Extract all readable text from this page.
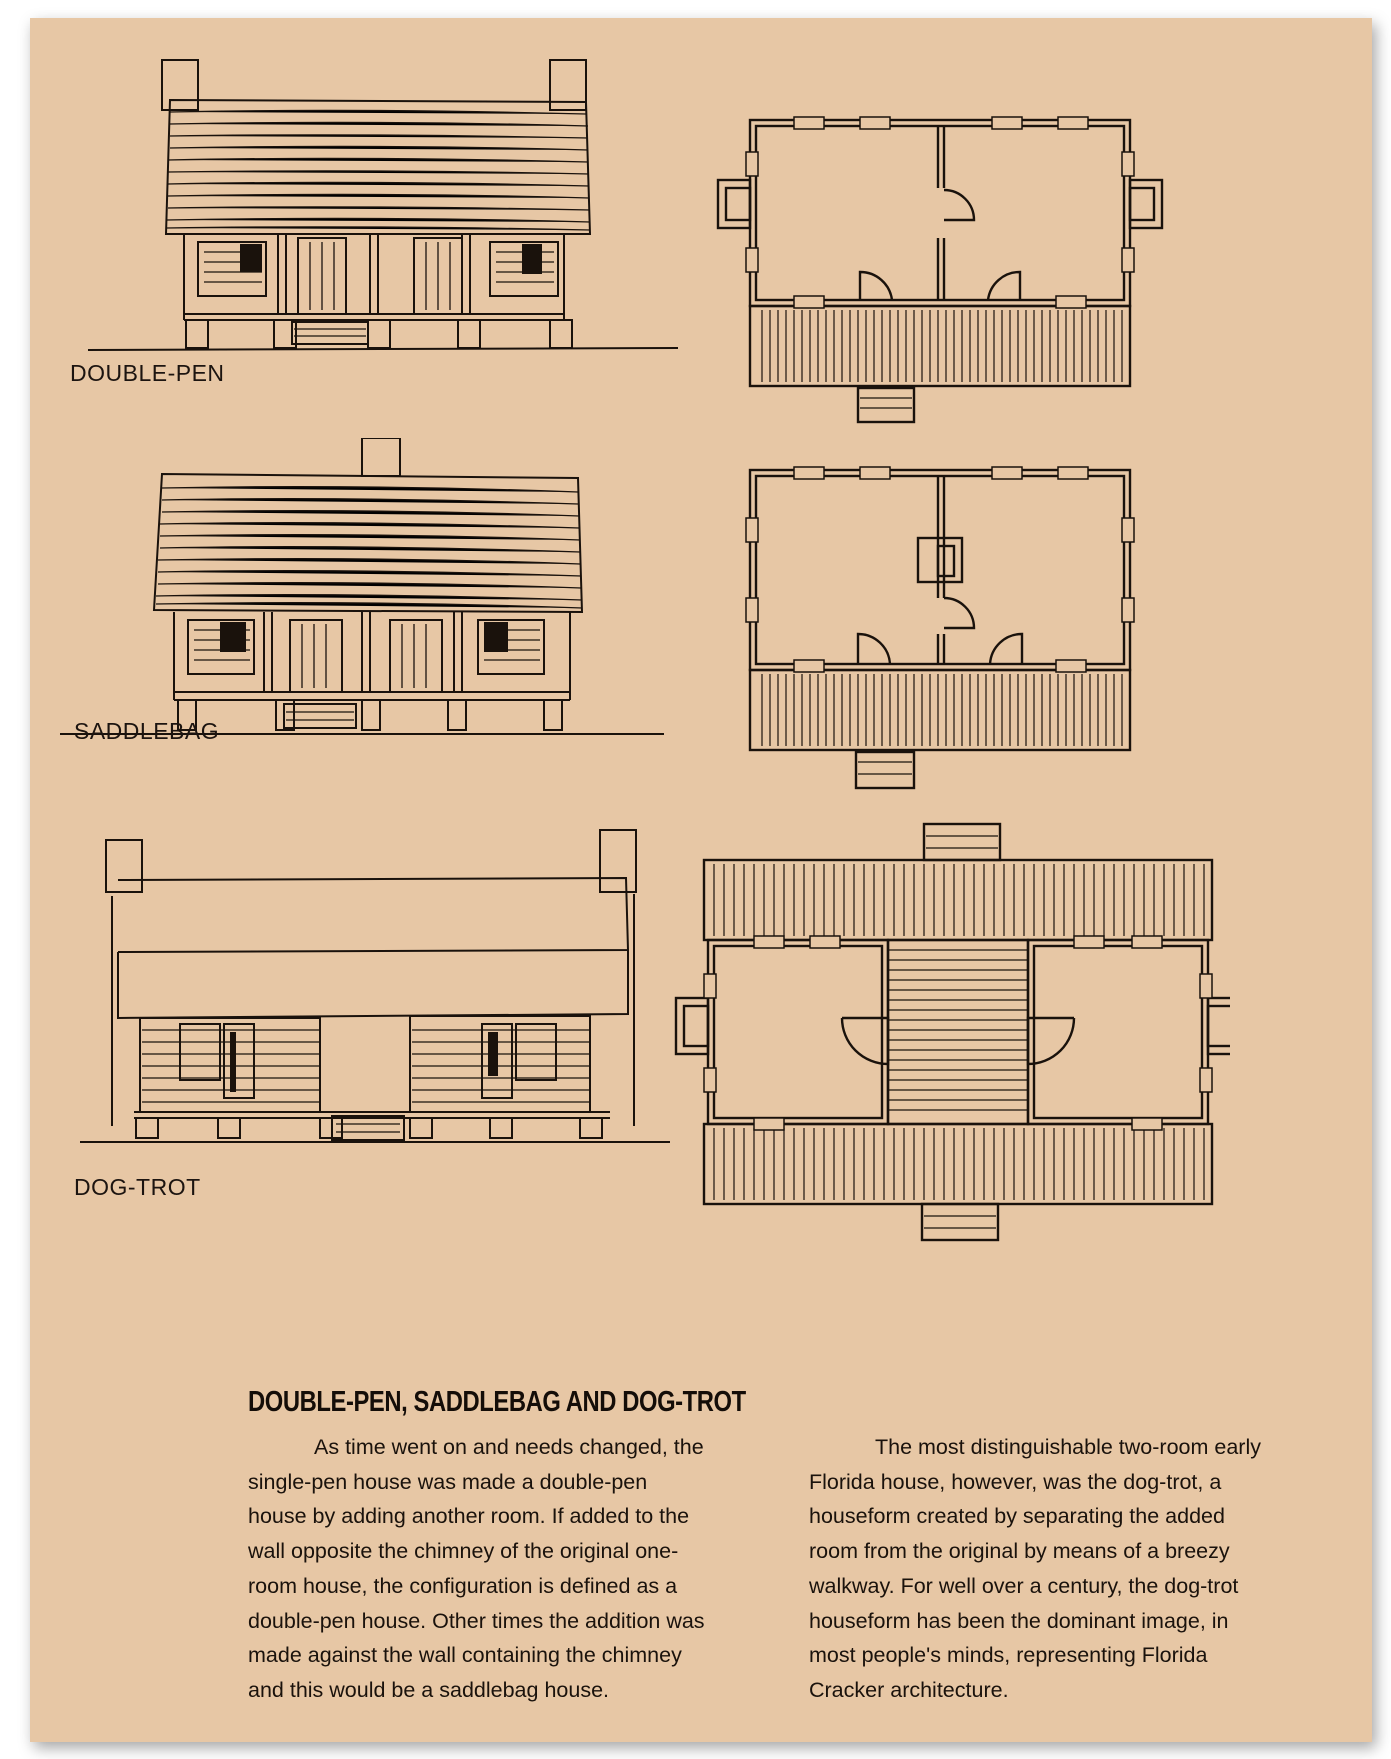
DOUBLE-PEN
SADDLEBAG
DOG-TROT
DOUBLE-PEN, SADDLEBAG AND DOG-TROT
As time went on and needs changed, the
single-pen house was made a double-pen
house by adding another room. If added to the
wall opposite the chimney of the original one-
room house, the configuration is defined as a
double-pen house. Other times the addition was
made against the wall containing the chimney
and this would be a saddlebag house.
The most distinguishable two-room early
Florida house, however, was the dog-trot, a
houseform created by separating the added
room from the original by means of a breezy
walkway. For well over a century, the dog-trot
houseform has been the dominant image, in
most people's minds, representing Florida
Cracker architecture.
